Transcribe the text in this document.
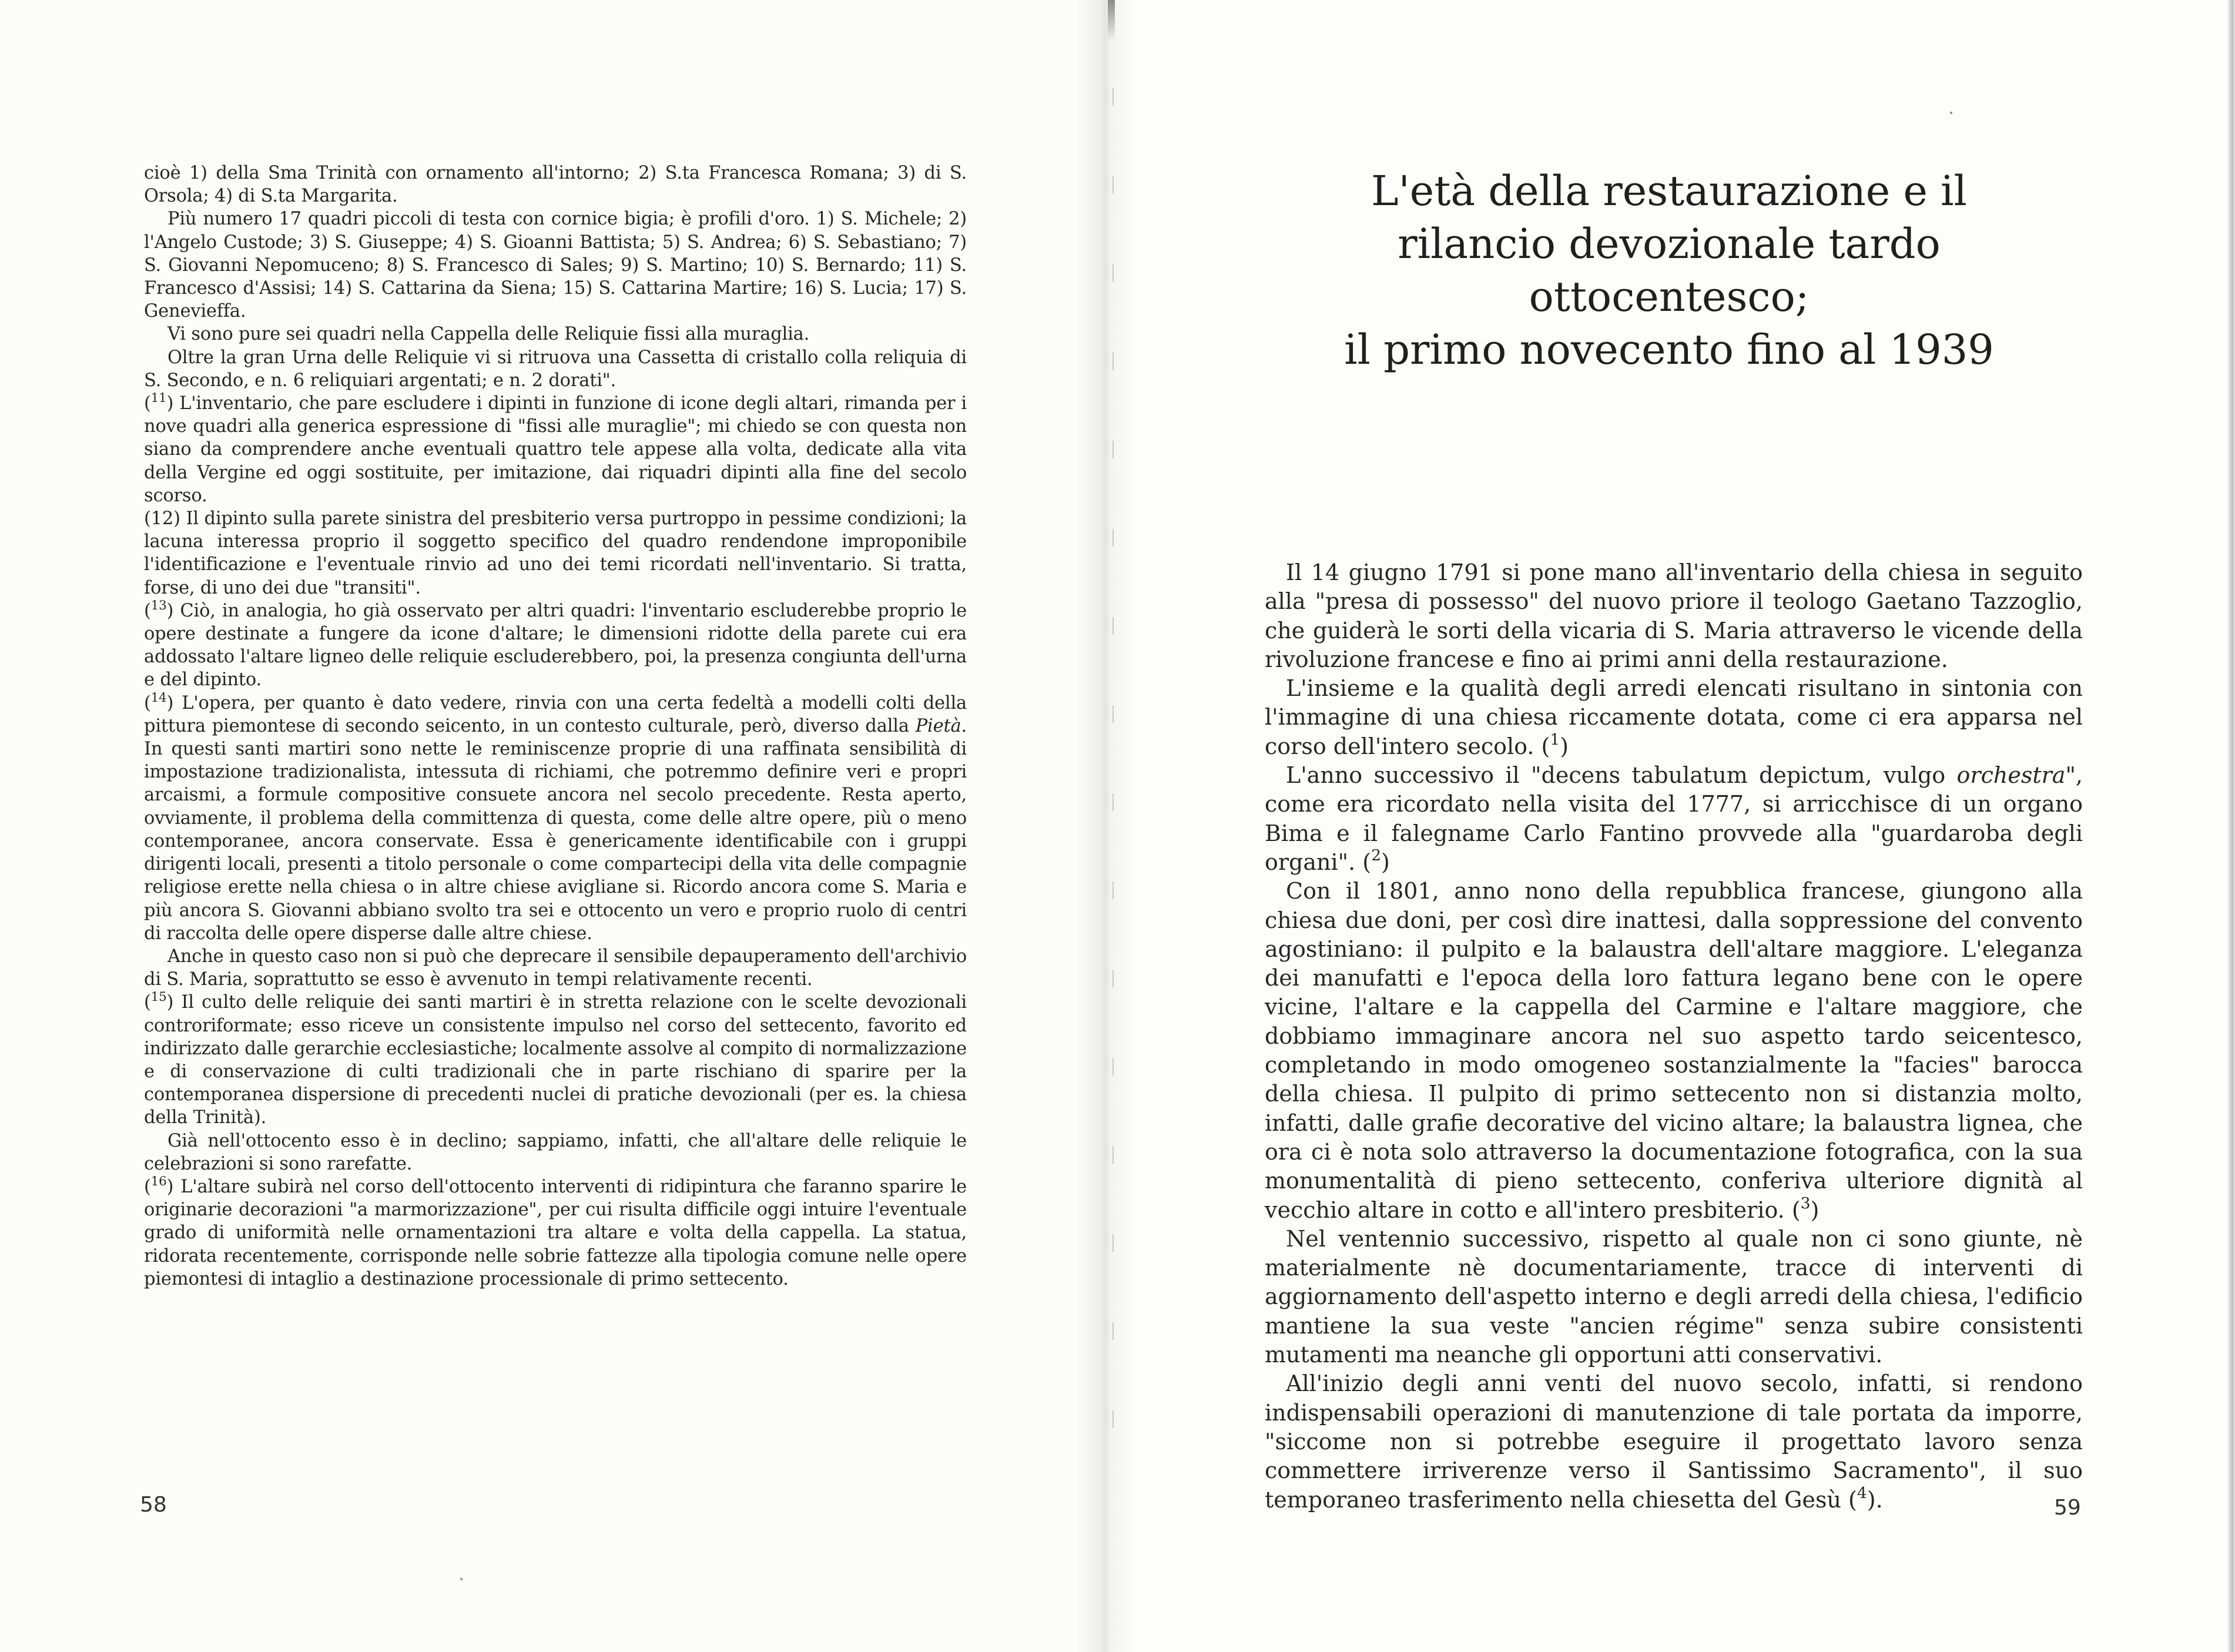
cioè 1) della Sma Trinità con ornamento all'intorno; 2) S.ta Francesca Romana; 3) di S. Orsola; 4) di S.ta Margarita.

Più numero 17 quadri piccoli di testa con cornice bigia; è profili d'oro. 1) S. Michele; 2) l'Angelo Custode; 3) S. Giuseppe; 4) S. Gioanni Battista; 5) S. Andrea; 6) S. Sebastiano; 7) S. Giovanni Nepomuceno; 8) S. Francesco di Sales; 9) S. Martino; 10) S. Bernardo; 11) S. Francesco d'Assisi; 14) S. Cattarina da Siena; 15) S. Cattarina Martire; 16) S. Lucia; 17) S. Genevieffa.

Vi sono pure sei quadri nella Cappella delle Reliquie fissi alla muraglia.

Oltre la gran Urna delle Reliquie vi si ritruova una Cassetta di cristallo colla reliquia di S. Secondo, e n. 6 reliquiari argentati; e n. 2 dorati".

($^{11}$) L'inventario, che pare escludere i dipinti in funzione di icone degli altari, rimanda per i nove quadri alla generica espressione di "fissi alle muraglie"; mi chiedo se con questa non siano da comprendere anche eventuali quattro tele appese alla volta, dedicate alla vita della Vergine ed oggi sostituite, per imitazione, dai riquadri dipinti alla fine del secolo scorso.

(12) Il dipinto sulla parete sinistra del presbiterio versa purtroppo in pessime condizioni; la lacuna interessa proprio il soggetto specifico del quadro rendendone improponibile l'identificazione e l'eventuale rinvio ad uno dei temi ricordati nell'inventario. Si tratta, forse, di uno dei due "transiti".

($^{13}$) Ciò, in analogia, ho già osservato per altri quadri: l'inventario escluderebbe proprio le opere destinate a fungere da icone d'altare; le dimensioni ridotte della parete cui era addossato l'altare ligneo delle reliquie escluderebbero, poi, la presenza congiunta dell'urna e del dipinto.

($^{14}$) L'opera, per quanto è dato vedere, rinvia con una certa fedeltà a modelli colti della pittura piemontese di secondo seicento, in un contesto culturale, però, diverso dalla Pietà. In questi santi martiri sono nette le reminiscenze proprie di una raffinata sensibilità di impostazione tradizionalista, intessuta di richiami, che potremmo definire veri e propri arcaismi, a formule compositive consuete ancora nel secolo precedente. Resta aperto, ovviamente, il problema della committenza di questa, come delle altre opere, più o meno contemporanee, ancora conservate. Essa è genericamente identificabile con i gruppi dirigenti locali, presenti a titolo personale o come compartecipi della vita delle compagnie religiose erette nella chiesa o in altre chiese avigliane si. Ricordo ancora come S. Maria e più ancora S. Giovanni abbiano svolto tra sei e ottocento un vero e proprio ruolo di centri di raccolta delle opere disperse dalle altre chiese.

Anche in questo caso non si può che deprecare il sensibile depauperamento dell'archivio di S. Maria, soprattutto se esso è avvenuto in tempi relativamente recenti.

($^{15}$) Il culto delle reliquie dei santi martiri è in stretta relazione con le scelte devozionali controriformate; esso riceve un consistente impulso nel corso del settecento, favorito ed indirizzato dalle gerarchie ecclesiastiche; localmente assolve al compito di normalizzazione e di conservazione di culti tradizionali che in parte rischiano di sparire per la contemporanea dispersione di precedenti nuclei di pratiche devozionali (per es. la chiesa della Trinità).

Già nell'ottocento esso è in declino; sappiamo, infatti, che all'altare delle reliquie le celebrazioni si sono rarefatte.

($^{16}$) L'altare subirà nel corso dell'ottocento interventi di ridipintura che faranno sparire le originarie decorazioni "a marmorizzazione", per cui risulta difficile oggi intuire l'eventuale grado di uniformità nelle ornamentazioni tra altare e volta della cappella. La statua, ridorata recentemente, corrisponde nelle sobrie fattezze alla tipologia comune nelle opere piemontesi di intaglio a destinazione processionale di primo settecento.

58
L'età della restaurazione e il
rilancio devozionale tardo ottocentesco;
il primo novecento fino al 1939

Il 14 giugno 1791 si pone mano all'inventario della chiesa in seguito alla "presa di possesso" del nuovo priore il teologo Gaetano Tazzoglio, che guiderà le sorti della vicaria di S. Maria attraverso le vicende della rivoluzione francese e fino ai primi anni della restaurazione.

L'insieme e la qualità degli arredi elencati risultano in sintonia con l'immagine di una chiesa riccamente dotata, come ci era apparsa nel corso dell'intero secolo. ($^1$)

L'anno successivo il "decens tabulatum depictum, vulgo orchestra", come era ricordato nella visita del 1777, si arricchisce di un organo Bima e il falegname Carlo Fantino provvede alla "guardaroba degli organi". ($^2$)

Con il 1801, anno nono della repubblica francese, giungono alla chiesa due doni, per così dire inattesi, dalla soppressione del convento agostiniano: il pulpito e la balaustra dell'altare maggiore. L'eleganza dei manufatti e l'epoca della loro fattura legano bene con le opere vicine, l'altare e la cappella del Carmine e l'altare maggiore, che dobbiamo immaginare ancora nel suo aspetto tardo seicentesco, completando in modo omogeneo sostanzialmente la "facies" barocca della chiesa. Il pulpito di primo settecento non si distanzia molto, infatti, dalle grafie decorative del vicino altare; la balaustra lignea, che ora ci è nota solo attraverso la documentazione fotografica, con la sua monumentalità di pieno settecento, conferiva ulteriore dignità al vecchio altare in cotto e all'intero presbiterio. ($^3$)

Nel ventennio successivo, rispetto al quale non ci sono giunte, nè materialmente nè documentariamente, tracce di interventi di aggiornamento dell'aspetto interno e degli arredi della chiesa, l'edificio mantiene la sua veste "ancien régime" senza subire consistenti mutamenti ma neanche gli opportuni atti conservativi.

All'inizio degli anni venti del nuovo secolo, infatti, si rendono indispensabili operazioni di manutenzione di tale portata da imporre, "siccome non si potrebbe eseguire il progettato lavoro senza commettere irriverenze verso il Santissimo Sacramento", il suo temporaneo trasferimento nella chiesetta del Gesù ($^4$).	59
